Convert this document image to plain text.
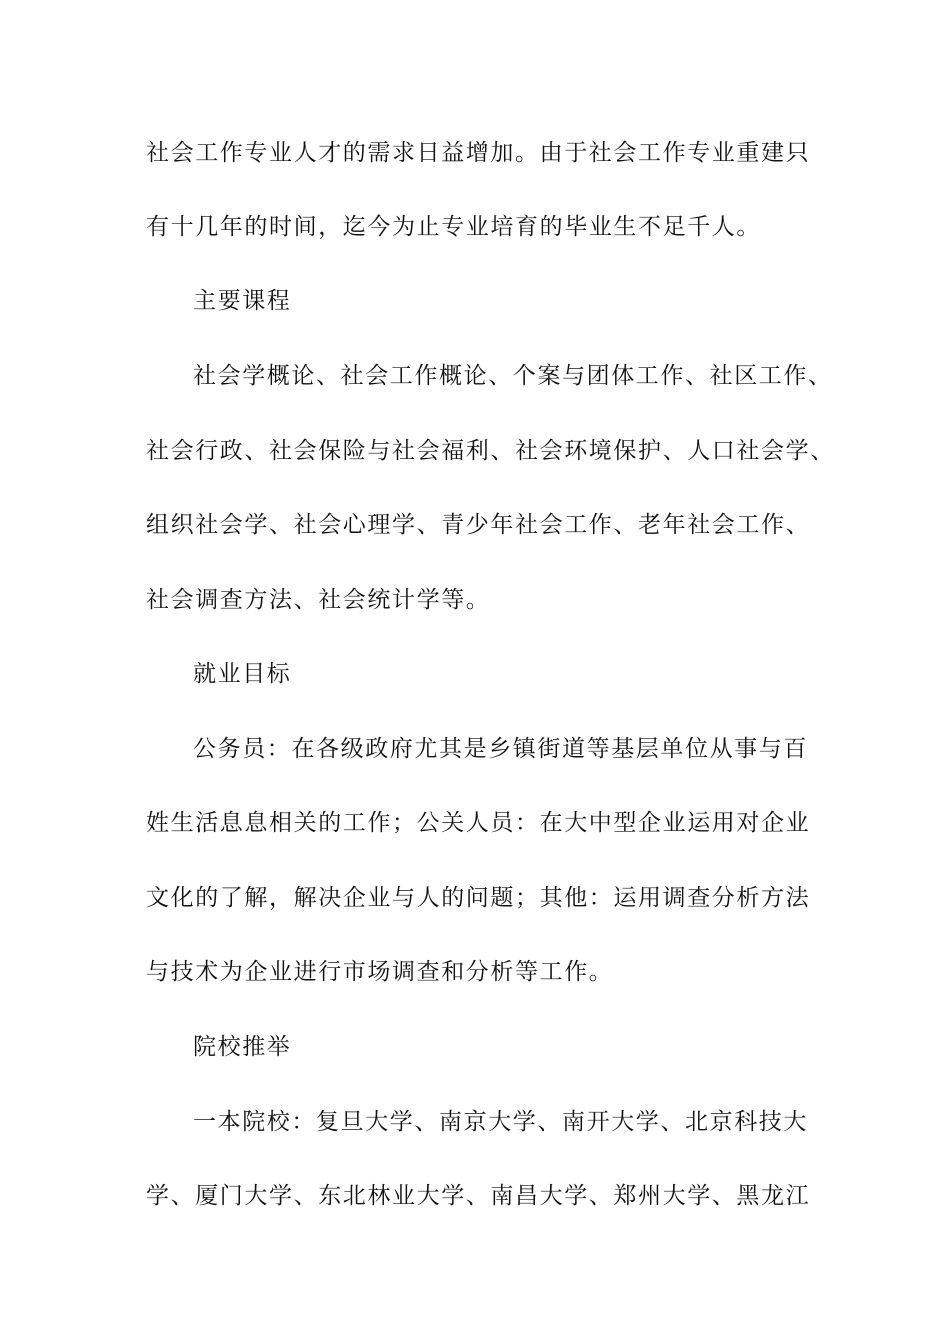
社会工作专业人才的需求日益增加。由于社会工作专业重建只
有十几年的时间，迄今为止专业培育的毕业生不足千人。
主要课程
社会学概论、社会工作概论、个案与团体工作、社区工作、
社会行政、社会保险与社会福利、社会环境保护、人口社会学、
组织社会学、社会心理学、青少年社会工作、老年社会工作、
社会调查方法、社会统计学等。
就业目标
公务员：在各级政府尤其是乡镇街道等基层单位从事与百
姓生活息息相关的工作；公关人员：在大中型企业运用对企业
文化的了解，解决企业与人的问题；其他：运用调查分析方法
与技术为企业进行市场调查和分析等工作。
院校推举
一本院校：复旦大学、南京大学、南开大学、北京科技大
学、厦门大学、东北林业大学、南昌大学、郑州大学、黑龙江
